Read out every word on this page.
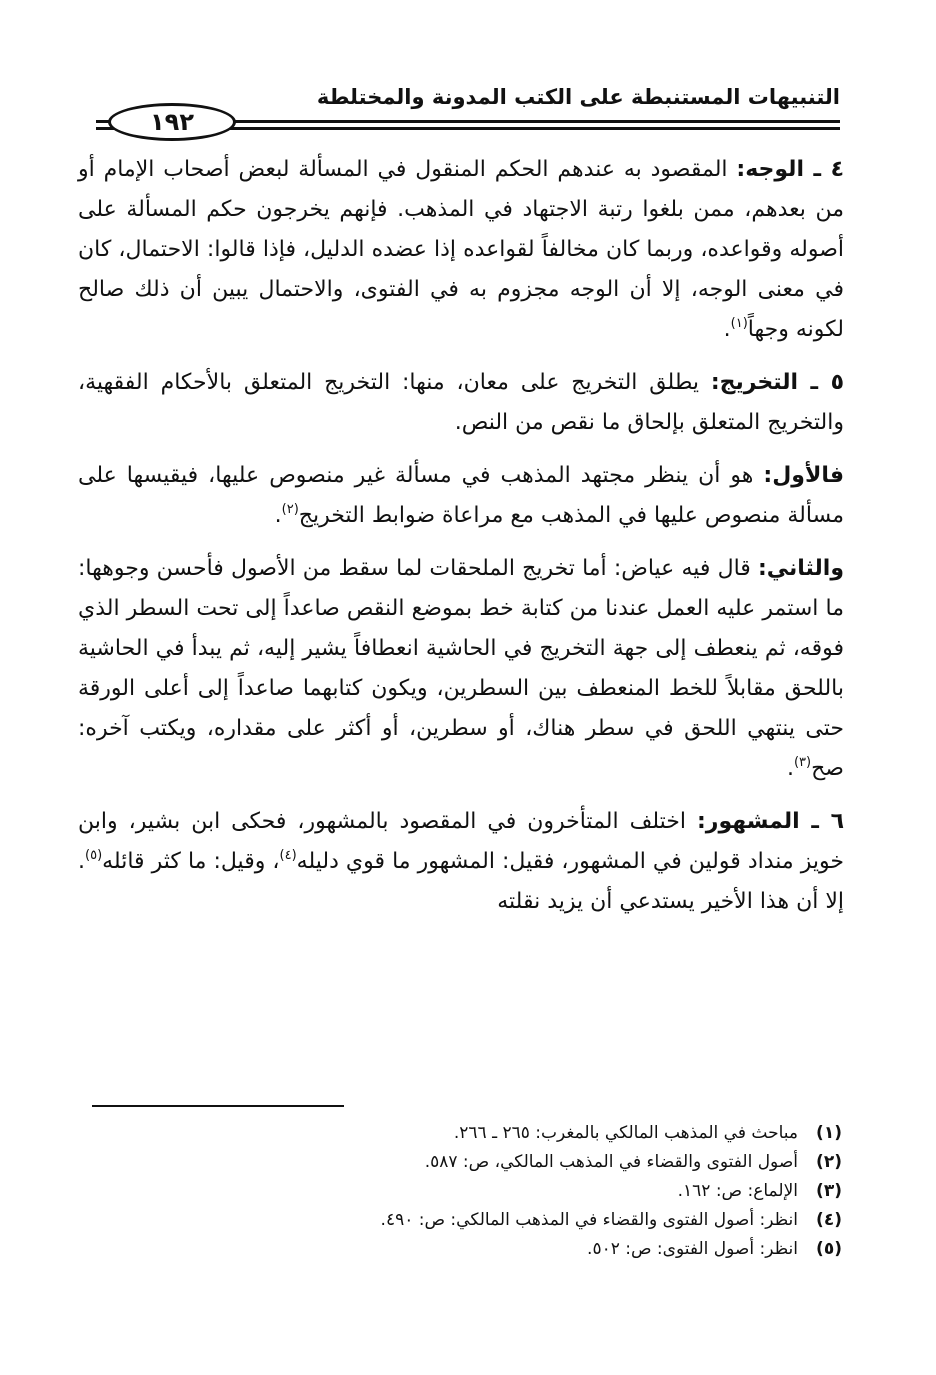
التنبيهات المستنبطة على الكتب المدونة والمختلطة
١٩٢

٤ ـ الوجه: المقصود به عندهم الحكم المنقول في المسألة لبعض أصحاب الإمام أو من بعدهم، ممن بلغوا رتبة الاجتهاد في المذهب. فإنهم يخرجون حكم المسألة على أصوله وقواعده، وربما كان مخالفاً لقواعده إذا عضده الدليل، فإذا قالوا: الاحتمال، كان في معنى الوجه، إلا أن الوجه مجزوم به في الفتوى، والاحتمال يبين أن ذلك صالح لكونه وجهاً$^{(١)}$.

٥ ـ التخريج: يطلق التخريج على معان، منها: التخريج المتعلق بالأحكام الفقهية، والتخريج المتعلق بإلحاق ما نقص من النص.

فالأول: هو أن ينظر مجتهد المذهب في مسألة غير منصوص عليها، فيقيسها على مسألة منصوص عليها في المذهب مع مراعاة ضوابط التخريج$^{(٢)}$.

والثاني: قال فيه عياض: أما تخريج الملحقات لما سقط من الأصول فأحسن وجوهها: ما استمر عليه العمل عندنا من كتابة خط بموضع النقص صاعداً إلى تحت السطر الذي فوقه، ثم ينعطف إلى جهة التخريج في الحاشية انعطافاً يشير إليه، ثم يبدأ في الحاشية باللحق مقابلاً للخط المنعطف بين السطرين، ويكون كتابهما صاعداً إلى أعلى الورقة حتى ينتهي اللحق في سطر هناك، أو سطرين، أو أكثر على مقداره، ويكتب آخره: صح$^{(٣)}$.

٦ ـ المشهور: اختلف المتأخرون في المقصود بالمشهور، فحكى ابن بشير، وابن خويز منداد قولين في المشهور، فقيل: المشهور ما قوي دليله$^{(٤)}$، وقيل: ما كثر قائله$^{(٥)}$. إلا أن هذا الأخير يستدعي أن يزيد نقلته

(١)مباحث في المذهب المالكي بالمغرب: ٢٦٥ ـ ٢٦٦.
(٢)أصول الفتوى والقضاء في المذهب المالكي، ص: ٥٨٧.
(٣)الإلماع: ص: ١٦٢.
(٤)انظر: أصول الفتوى والقضاء في المذهب المالكي: ص: ٤٩٠.
(٥)انظر: أصول الفتوى: ص: ٥٠٢.
